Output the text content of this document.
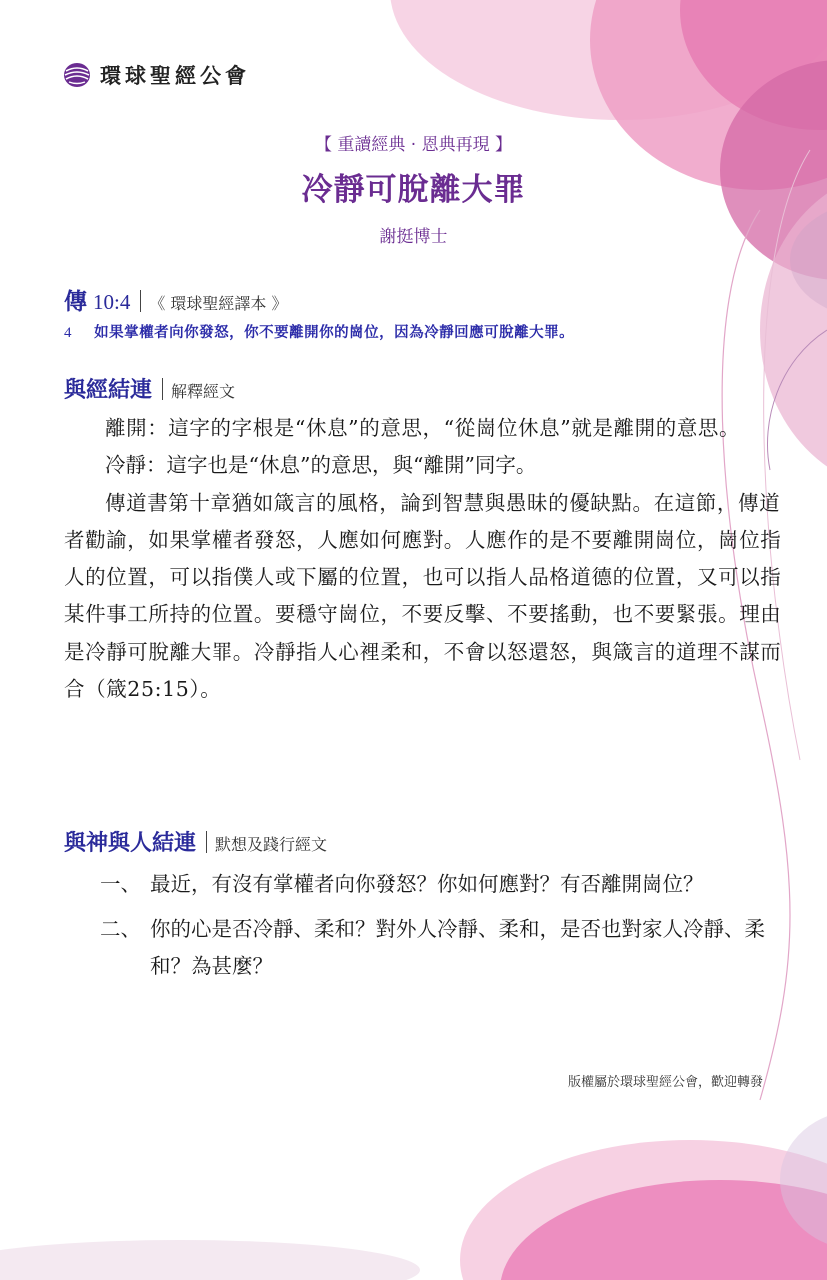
環球聖經公會
【 重讀經典 · 恩典再現 】
冷靜可脫離大罪
謝挺博士
傳 10:4 《 環球聖經譯本 》
4 如果掌權者向你發怒，你不要離開你的崗位，因為冷靜回應可脫離大罪。
與經結連 解釋經文

離開：這字的字根是“休息”的意思，“從崗位休息”就是離開的意思。

冷靜：這字也是“休息”的意思，與“離開”同字。

傳道書第十章猶如箴言的風格，論到智慧與愚昧的優缺點。在這節，傳道者勸諭，如果掌權者發怒，人應如何應對。人應作的是不要離開崗位，崗位指人的位置，可以指僕人或下屬的位置，也可以指人品格道德的位置，又可以指某件事工所持的位置。要穩守崗位，不要反擊、不要搖動，也不要緊張。理由是冷靜可脫離大罪。冷靜指人心裡柔和，不會以怒還怒，與箴言的道理不謀而合（箴25:15）。

與神與人結連 默想及踐行經文
一、 最近，有沒有掌權者向你發怒？你如何應對？有否離開崗位？
二、 你的心是否冷靜、柔和？對外人冷靜、柔和，是否也對家人冷靜、柔和？為甚麼？
版權屬於環球聖經公會，歡迎轉發
